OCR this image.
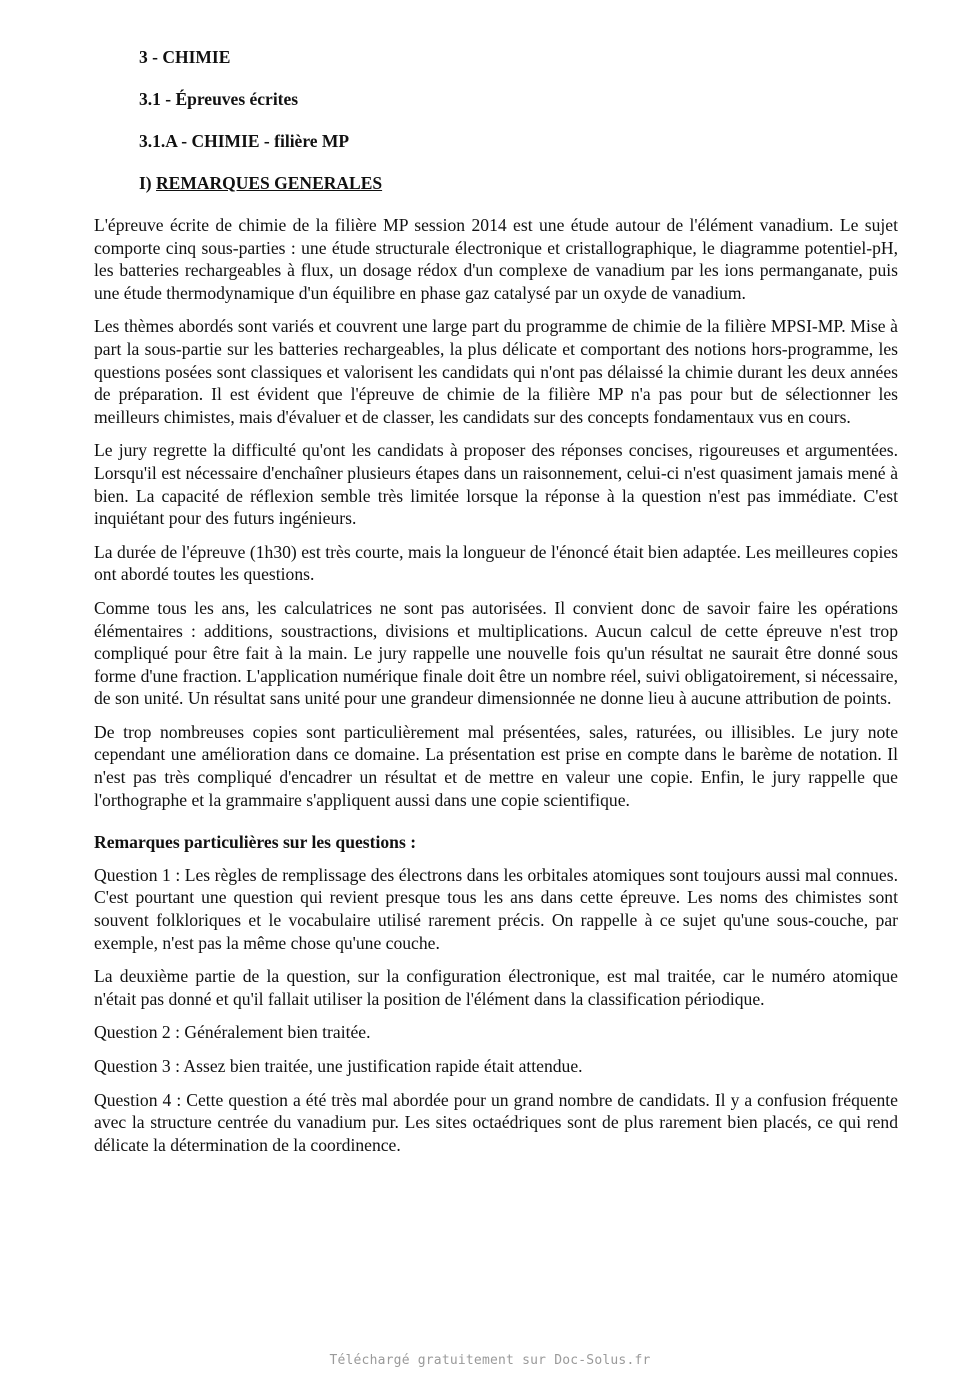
3 - CHIMIE
3.1 - Épreuves écrites
3.1.A - CHIMIE - filière MP
I) REMARQUES GENERALES

L'épreuve écrite de chimie de la filière MP session 2014 est une étude autour de l'élément vanadium. Le sujet comporte cinq sous-parties : une étude structurale électronique et cristallographique, le diagramme potentiel-pH, les batteries rechargeables à flux, un dosage rédox d'un complexe de vanadium par les ions permanganate, puis une étude thermodynamique d'un équilibre en phase gaz catalysé par un oxyde de vanadium.

Les thèmes abordés sont variés et couvrent une large part du programme de chimie de la filière MPSI-MP. Mise à part la sous-partie sur les batteries rechargeables, la plus délicate et comportant des notions hors-programme, les questions posées sont classiques et valorisent les candidats qui n'ont pas délaissé la chimie durant les deux années de préparation. Il est évident que l'épreuve de chimie de la filière MP n'a pas pour but de sélectionner les meilleurs chimistes, mais d'évaluer et de classer, les candidats sur des concepts fondamentaux vus en cours.

Le jury regrette la difficulté qu'ont les candidats à proposer des réponses concises, rigoureuses et argumentées. Lorsqu'il est nécessaire d'enchaîner plusieurs étapes dans un raisonnement, celui-ci n'est quasiment jamais mené à bien. La capacité de réflexion semble très limitée lorsque la réponse à la question n'est pas immédiate. C'est inquiétant pour des futurs ingénieurs.

La durée de l'épreuve (1h30) est très courte, mais la longueur de l'énoncé était bien adaptée. Les meilleures copies ont abordé toutes les questions.

Comme tous les ans, les calculatrices ne sont pas autorisées. Il convient donc de savoir faire les opérations élémentaires : additions, soustractions, divisions et multiplications. Aucun calcul de cette épreuve n'est trop compliqué pour être fait à la main. Le jury rappelle une nouvelle fois qu'un résultat ne saurait être donné sous forme d'une fraction. L'application numérique finale doit être un nombre réel, suivi obligatoirement, si nécessaire, de son unité. Un résultat sans unité pour une grandeur dimensionnée ne donne lieu à aucune attribution de points.

De trop nombreuses copies sont particulièrement mal présentées, sales, raturées, ou illisibles. Le jury note cependant une amélioration dans ce domaine. La présentation est prise en compte dans le barème de notation. Il n'est pas très compliqué d'encadrer un résultat et de mettre en valeur une copie. Enfin, le jury rappelle que l'orthographe et la grammaire s'appliquent aussi dans une copie scientifique.

Remarques particulières sur les questions :

Question 1 : Les règles de remplissage des électrons dans les orbitales atomiques sont toujours aussi mal connues. C'est pourtant une question qui revient presque tous les ans dans cette épreuve. Les noms des chimistes sont souvent folkloriques et le vocabulaire utilisé rarement précis. On rappelle à ce sujet qu'une sous-couche, par exemple, n'est pas la même chose qu'une couche.

La deuxième partie de la question, sur la configuration électronique, est mal traitée, car le numéro atomique n'était pas donné et qu'il fallait utiliser la position de l'élément dans la classification périodique.

Question 2 : Généralement bien traitée.

Question 3 : Assez bien traitée, une justification rapide était attendue.

Question 4 : Cette question a été très mal abordée pour un grand nombre de candidats. Il y a confusion fréquente avec la structure centrée du vanadium pur. Les sites octaédriques sont de plus rarement bien placés, ce qui rend délicate la détermination de la coordinence.

Téléchargé gratuitement sur Doc-Solus.fr
